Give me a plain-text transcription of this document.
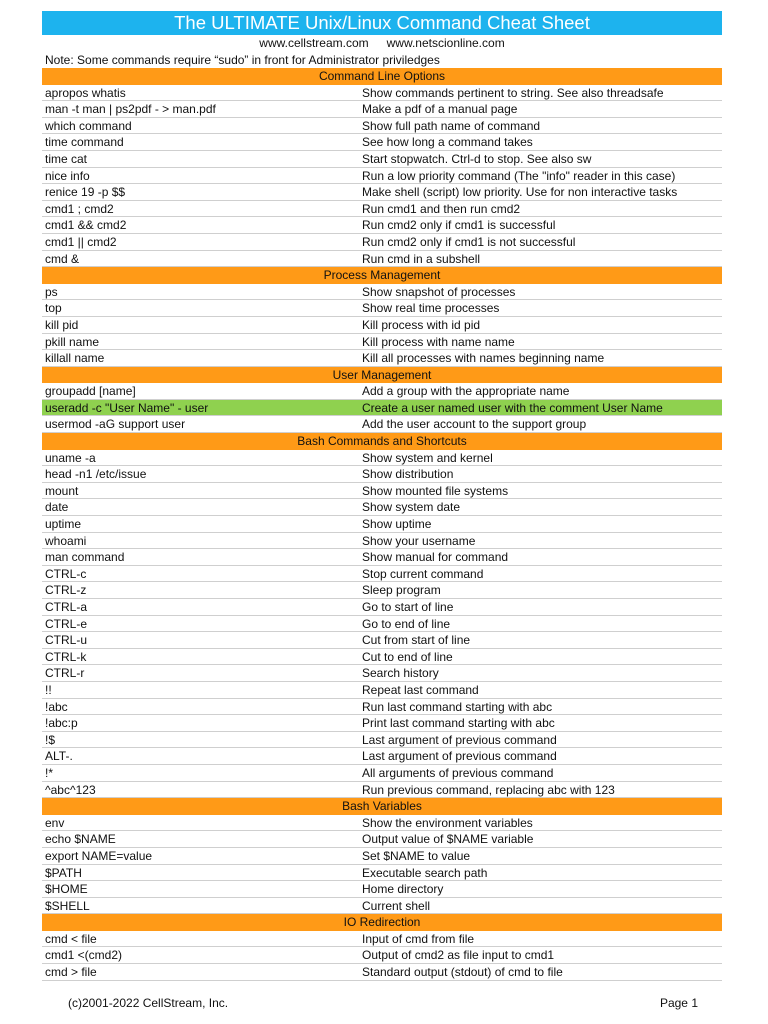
The ULTIMATE Unix/Linux Command Cheat Sheet
www.cellstream.com www.netscionline.com
Note: Some commands require “sudo” in front for Administrator priviledges
Command Line Options
apropos whatis	Show commands pertinent to string. See also threadsafe
man -t man | ps2pdf - > man.pdf	Make a pdf of a manual page
which command	Show full path name of command
time command	See how long a command takes
time cat	Start stopwatch. Ctrl-d to stop. See also sw
nice info	Run a low priority command (The "info" reader in this case)
renice 19 -p $$	Make shell (script) low priority. Use for non interactive tasks
cmd1 ; cmd2	Run cmd1 and then run cmd2
cmd1 && cmd2	Run cmd2 only if cmd1 is successful
cmd1 || cmd2	Run cmd2 only if cmd1 is not successful
cmd &	Run cmd in a subshell
Process Management
ps	Show snapshot of processes
top	Show real time processes
kill pid	Kill process with id pid
pkill name	Kill process with name name
killall name	Kill all processes with names beginning name
User Management
groupadd [name]	Add a group with the appropriate name
useradd -c "User Name" - user	Create a user named user with the comment User Name
usermod -aG support user	Add the user account to the support group
Bash Commands and Shortcuts
uname -a	Show system and kernel
head -n1 /etc/issue	Show distribution
mount	Show mounted file systems
date	Show system date
uptime	Show uptime
whoami	Show your username
man command	Show manual for command
CTRL-c	Stop current command
CTRL-z	Sleep program
CTRL-a	Go to start of line
CTRL-e	Go to end of line
CTRL-u	Cut from start of line
CTRL-k	Cut to end of line
CTRL-r	Search history
!!	Repeat last command
!abc	Run last command starting with abc
!abc:p	Print last command starting with abc
!$	Last argument of previous command
ALT-.	Last argument of previous command
!*	All arguments of previous command
^abc^123	Run previous command, replacing abc with 123
Bash Variables
env	Show the environment variables
echo $NAME	Output value of $NAME variable
export NAME=value	Set $NAME to value
$PATH	Executable search path
$HOME	Home directory
$SHELL	Current shell
IO Redirection
cmd < file	Input of cmd from file
cmd1 <(cmd2)	Output of cmd2 as file input to cmd1
cmd > file	Standard output (stdout) of cmd to file
(c)2001-2022 CellStream, Inc.	Page 1
